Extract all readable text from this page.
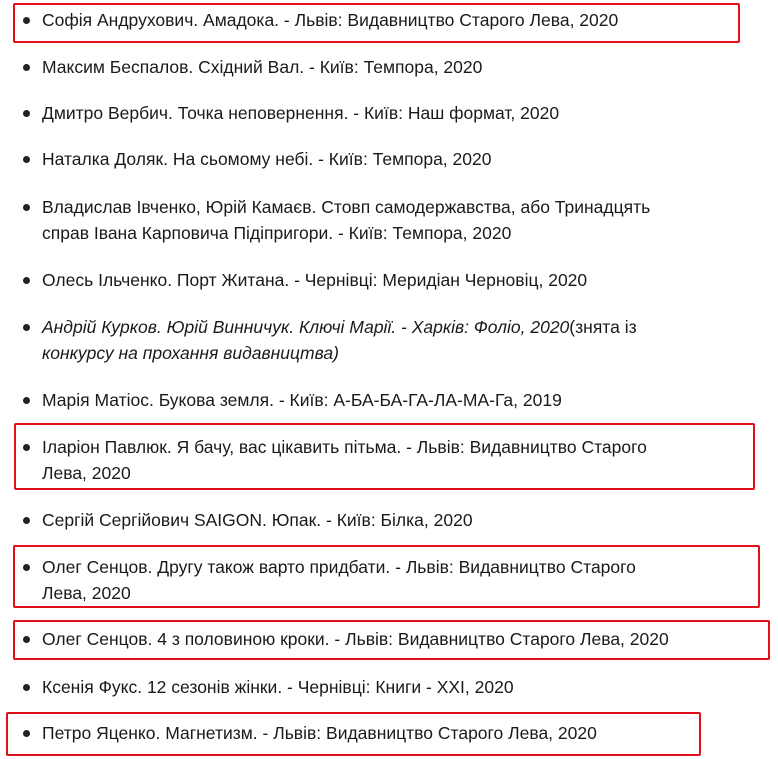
Софія Андрухович. Амадока. - Львів: Видавництво Старого Лева, 2020
Максим Беспалов. Східний Вал. - Київ: Темпора, 2020
Дмитро Вербич. Точка неповернення. - Київ: Наш формат, 2020
Наталка Доляк. На сьомому небі. - Київ: Темпора, 2020
Владислав Івченко, Юрій Камаєв. Стовп самодержавства, або Тринадцять
справ Івана Карповича Підіпригори. - Київ: Темпора, 2020
Олесь Ільченко. Порт Житана. - Чернівці: Меридіан Черновіц, 2020
Андрій Курков. Юрій Винничук. Ключі Марії. - Харків: Фоліо, 2020(знята із
конкурсу на прохання видавництва)
Марія Матіос. Букова земля. - Київ: А-БА-БА-ГА-ЛА-МА-Га, 2019
Іларіон Павлюк. Я бачу, вас цікавить пітьма. - Львів: Видавництво Старого
Лева, 2020
Сергій Сергійович SAIGON. Юпак. - Київ: Білка, 2020
Олег Сенцов. Другу також варто придбати. - Львів: Видавництво Старого
Лева, 2020
Олег Сенцов. 4 з половиною кроки. - Львів: Видавництво Старого Лева, 2020
Ксенія Фукс. 12 сезонів жінки. - Чернівці: Книги - XXI, 2020
Петро Яценко. Магнетизм. - Львів: Видавництво Старого Лева, 2020
